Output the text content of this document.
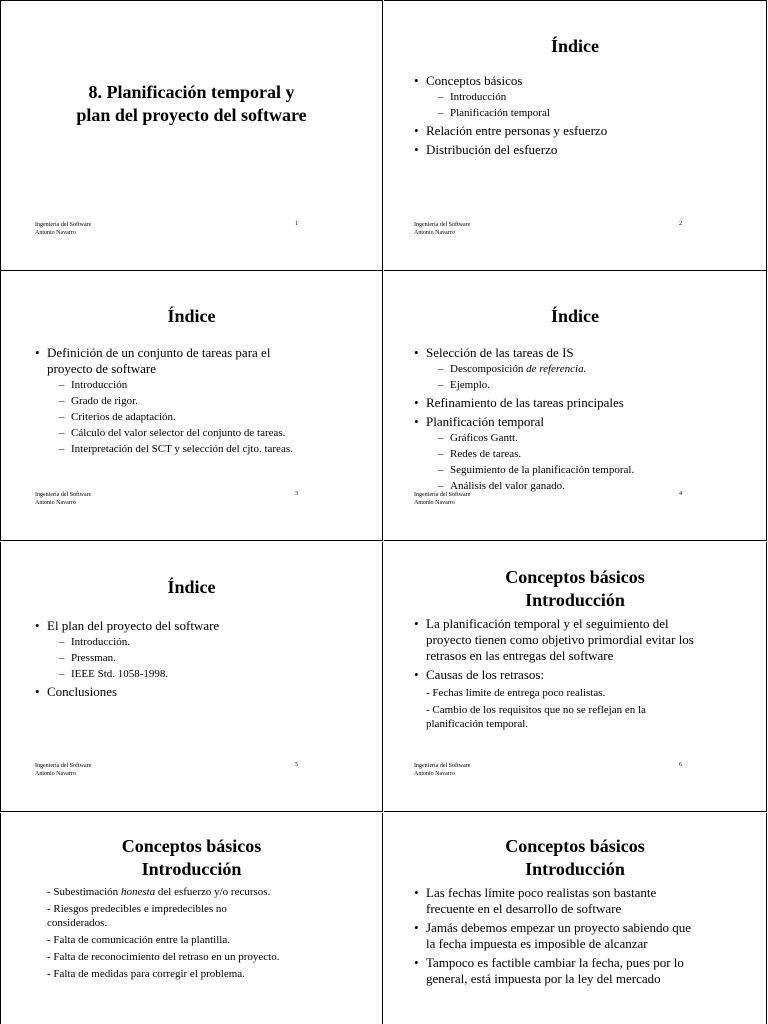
8. Planificación temporal y
plan del proyecto del software
Ingeniería del Software
Antonio Navarro
1
Índice
• Conceptos básicos
– Introducción
– Planificación temporal
• Relación entre personas y esfuerzo
• Distribución del esfuerzo
Ingeniería del Software
Antonio Navarro
2
Índice
• Definición de un conjunto de tareas para el proyecto de software
– Introducción
– Grado de rigor.
– Criterios de adaptación.
– Cálculo del valor selector del conjunto de tareas.
– Interpretación del SCT y selección del cjto. tareas.
Ingeniería del Software
Antonio Navarro
3
Índice
• Selección de las tareas de IS
– Descomposición de referencia.
– Ejemplo.
• Refinamiento de las tareas principales
• Planificación temporal
– Gráficos Gantt.
– Redes de tareas.
– Seguimiento de la planificación temporal.
– Análisis del valor ganado.
Ingeniería del Software
Antonio Navarro
4
Índice
• El plan del proyecto del software
– Introducción.
– Pressman.
– IEEE Std. 1058-1998.
• Conclusiones
Ingeniería del Software
Antonio Navarro
5
Conceptos básicos
Introducción
• La planificación temporal y el seguimiento del proyecto tienen como objetivo primordial evitar los retrasos en las entregas del software
• Causas de los retrasos:
- Fechas límite de entrega poco realistas.
- Cambio de los requisitos que no se reflejan en la planificación temporal.
Ingeniería del Software
Antonio Navarro
6
Conceptos básicos
Introducción
- Subestimación honesta del esfuerzo y/o recursos.
- Riesgos predecibles e impredecibles no considerados.
- Falta de comunicación entre la plantilla.
- Falta de reconocimiento del retraso en un proyecto.
- Falta de medidas para corregir el problema.
Conceptos básicos
Introducción
• Las fechas límite poco realistas son bastante frecuente en el desarrollo de software
• Jamás debemos empezar un proyecto sabiendo que la fecha impuesta es imposible de alcanzar
• Tampoco es factible cambiar la fecha, pues por lo general, está impuesta por la ley del mercado
